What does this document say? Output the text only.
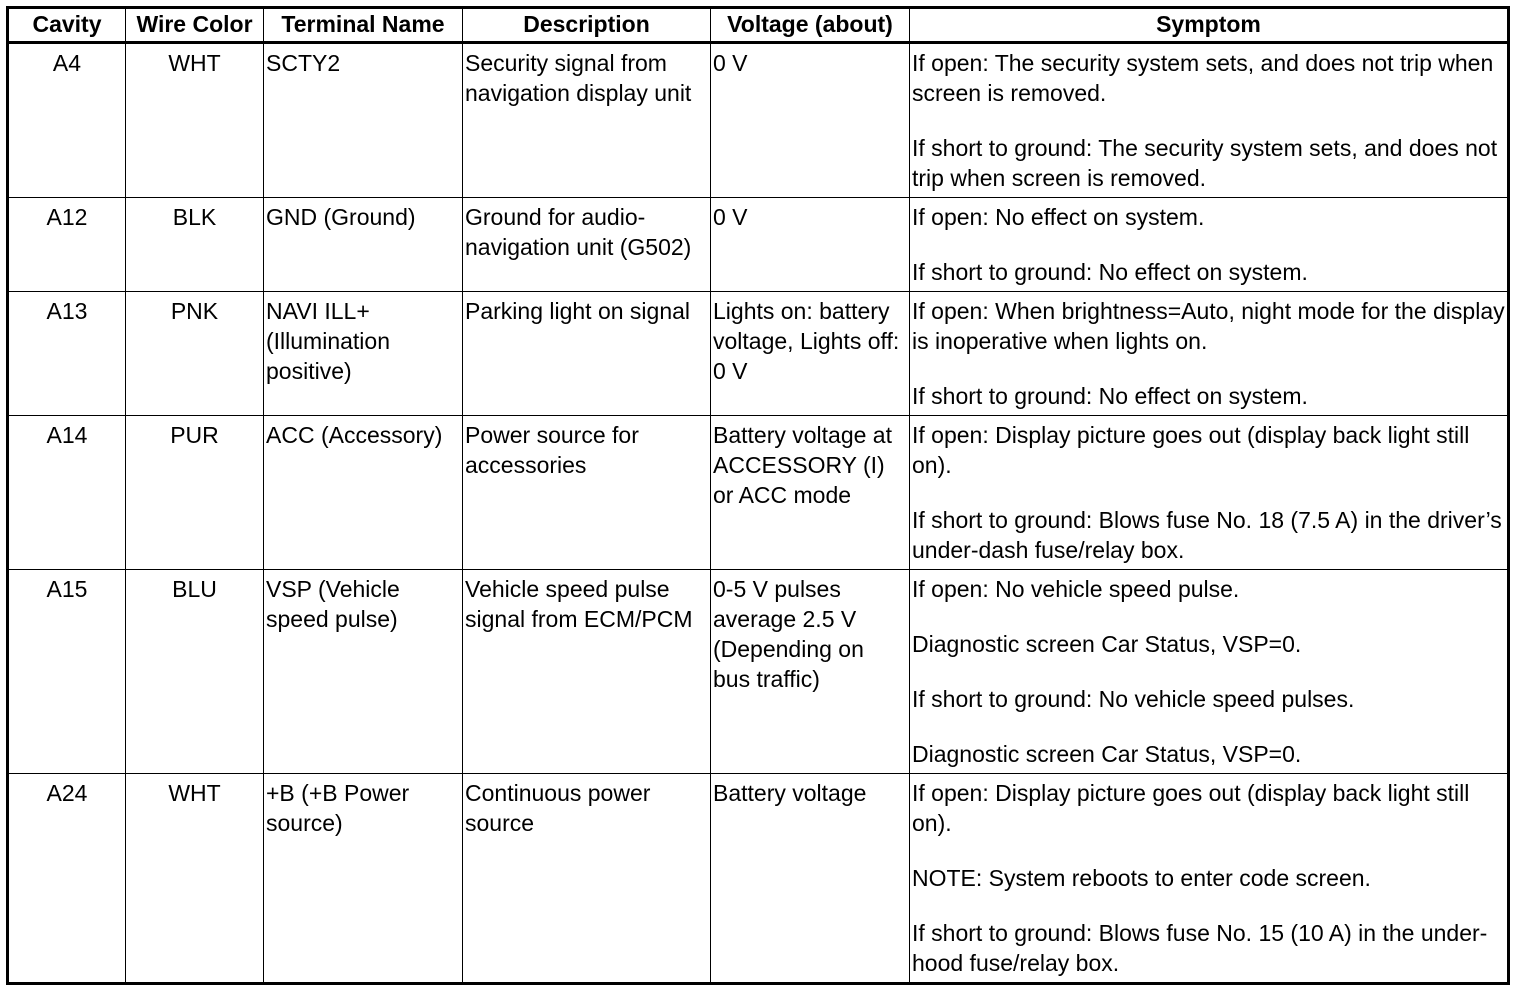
Cavity	Wire Color	Terminal Name	Description	Voltage (about)	Symptom
A4	WHT	SCTY2	Security signal from navigation display unit	0 V	If open: The security system sets, and does not trip when screen is removed.
If short to ground: The security system sets, and does not trip when screen is removed.

A12	BLK	GND (Ground)	Ground for audio-navigation unit (G502)	0 V	If open: No effect on system.
If short to ground: No effect on system.

A13	PNK	NAVI ILL+ (Illumination positive)	Parking light on signal	Lights on: battery voltage, Lights off: 0 V	If open: When brightness=Auto, night mode for the display is inoperative when lights on.
If short to ground: No effect on system.

A14	PUR	ACC (Accessory)	Power source for accessories	Battery voltage at ACCESSORY (I) or ACC mode	If open: Display picture goes out (display back light still on).
If short to ground: Blows fuse No. 18 (7.5 A) in the driver’s under-dash fuse/relay box.

A15	BLU	VSP (Vehicle speed pulse)	Vehicle speed pulse signal from ECM/PCM	0-5 V pulses average 2.5 V (Depending on bus traffic)	If open: No vehicle speed pulse.
Diagnostic screen Car Status, VSP=0.
If short to ground: No vehicle speed pulses.
Diagnostic screen Car Status, VSP=0.

A24	WHT	+B (+B Power source)	Continuous power source	Battery voltage	If open: Display picture goes out (display back light still on).
NOTE: System reboots to enter code screen.
If short to ground: Blows fuse No. 15 (10 A) in the under-hood fuse/relay box.
